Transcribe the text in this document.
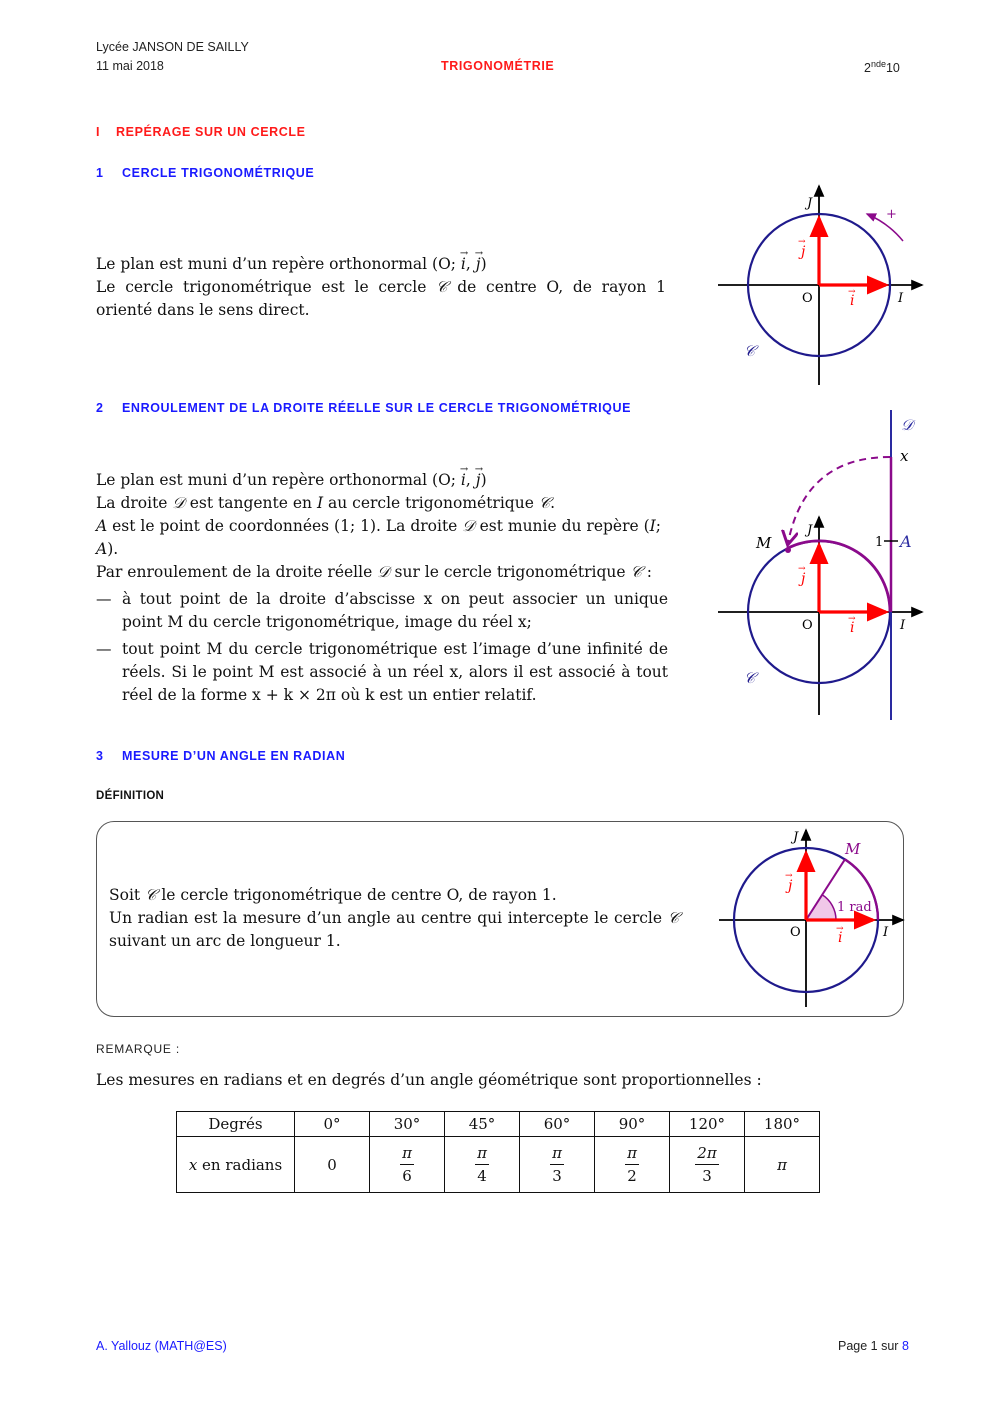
Lycée JANSON DE SAILLY
11 mai 2018	TRIGONOMÉTRIE	2nde10
I REPÉRAGE SUR UN CERCLE
1 CERCLE TRIGONOMÉTRIQUE

Le plan est muni d’un repère orthonormal (O; → i, → j)

Le cercle trigonométrique est le cercle 𝒞 de centre O, de rayon 1 orienté dans le sens direct.

+
J
O	I
i
→
j
→
𝒞
2 ENROULEMENT DE LA DROITE RÉELLE SUR LE CERCLE TRIGONOMÉTRIQUE

Le plan est muni d’un repère orthonormal (O; → i, → j)

La droite 𝒟 est tangente en I au cercle trigonométrique 𝒞.

A est le point de coordonnées (1; 1). La droite 𝒟 est munie du repère (I; A).

Par enroulement de la droite réelle 𝒟 sur le cercle trigonométrique 𝒞 :

— à tout point de la droite d’abscisse x on peut associer un unique point M du cercle trigonométrique, image du réel x;
— tout point M du cercle trigonométrique est l’image d’une infinité de réels. Si le point M est associé à un réel x, alors il est associé à tout réel de la forme x + k × 2π où k est un entier relatif.
𝒟
x
1 A
M
J
O	I
i
→
j
→
𝒞
3 MESURE D’UN ANGLE EN RADIAN
DÉFINITION

Soit 𝒞 le cercle trigonométrique de centre O, de rayon 1.

Un radian est la mesure d’un angle au centre qui intercepte le cercle 𝒞 suivant un arc de longueur 1.

J
M
1 rad
O	I
i
→
j
→
REMARQUE :
Les mesures en radians et en degrés d’un angle géométrique sont proportionnelles :
Degrés	0°	30°	45°	60°	90°	120°	180°
x en radians	0	$\frac{\pi}{6}$	$\frac{\pi}{4}$	$\frac{\pi}{3}$	$\frac{\pi}{2}$	$\frac{2\pi}{3}$	π
A. Yallouz (MATH@ES)	Page 1 sur 8
